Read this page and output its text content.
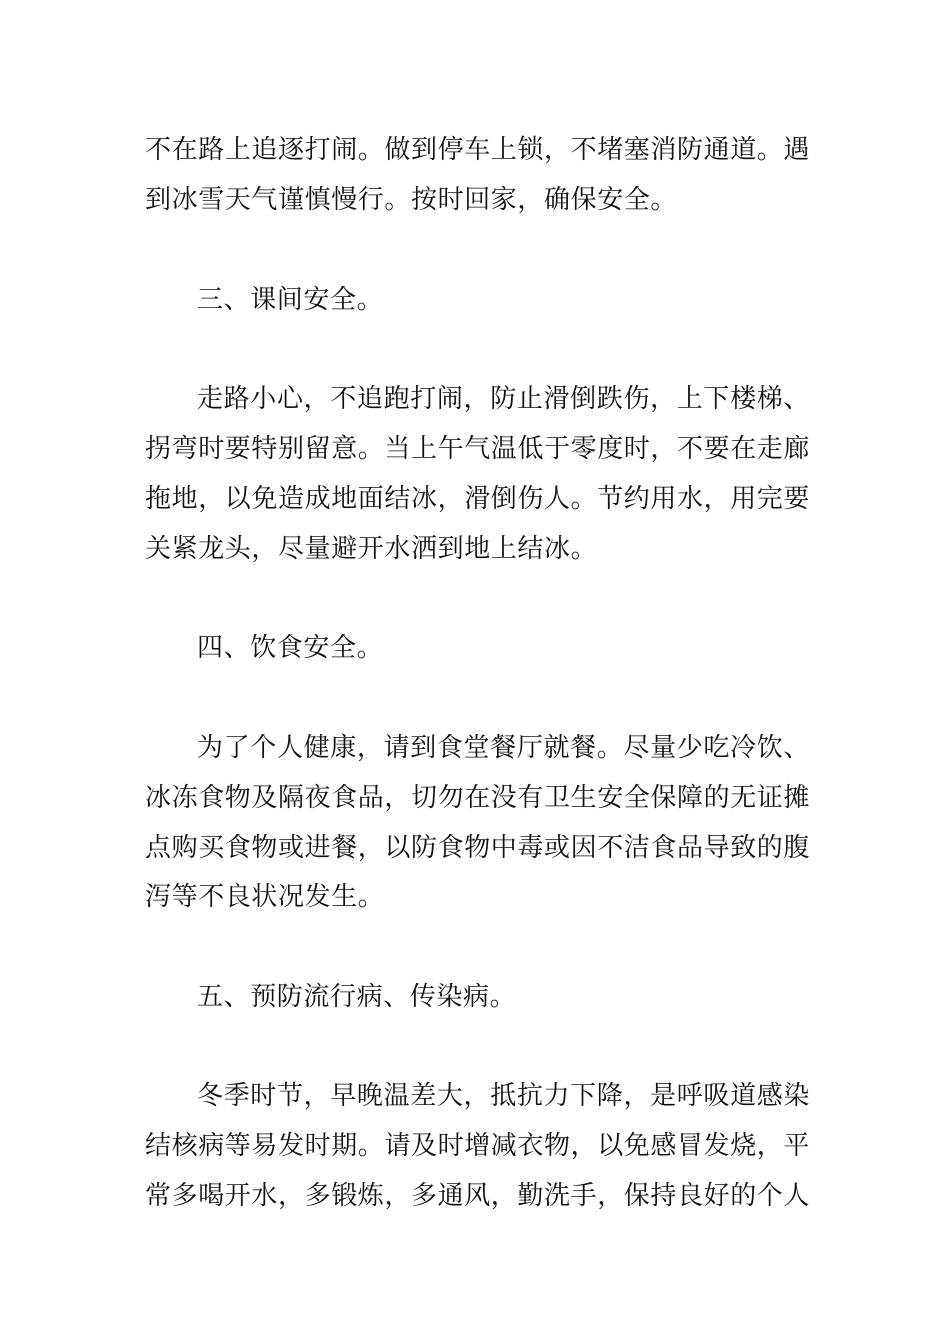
不在路上追逐打闹。做到停车上锁，不堵塞消防通道。遇
到冰雪天气谨慎慢行。按时回家，确保安全。
三、课间安全。
走路小心，不追跑打闹，防止滑倒跌伤，上下楼梯、
拐弯时要特别留意。当上午气温低于零度时，不要在走廊
拖地，以免造成地面结冰，滑倒伤人。节约用水，用完要
关紧龙头，尽量避开水洒到地上结冰。
四、饮食安全。
为了个人健康，请到食堂餐厅就餐。尽量少吃冷饮、
冰冻食物及隔夜食品，切勿在没有卫生安全保障的无证摊
点购买食物或进餐，以防食物中毒或因不洁食品导致的腹
泻等不良状况发生。
五、预防流行病、传染病。
冬季时节，早晚温差大，抵抗力下降，是呼吸道感染
结核病等易发时期。请及时增减衣物，以免感冒发烧，平
常多喝开水，多锻炼，多通风，勤洗手，保持良好的个人
